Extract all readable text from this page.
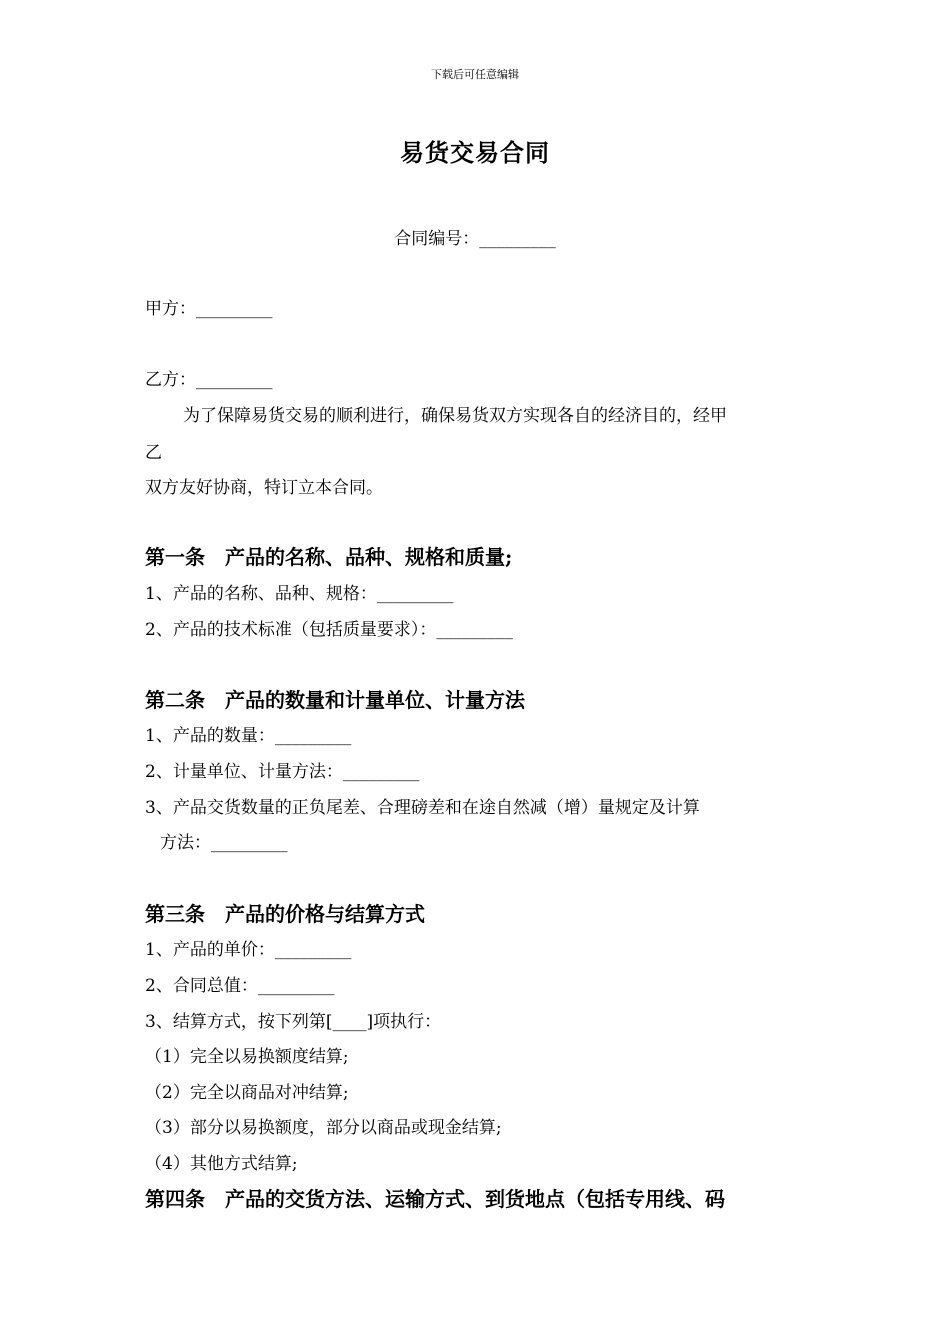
下载后可任意编辑
易货交易合同
合同编号：_________
甲方：_________
乙方：_________
为了保障易货交易的顺利进行，确保易货双方实现各自的经济目的，经甲
乙
双方友好协商，特订立本合同。
第一条　产品的名称、品种、规格和质量;
1、产品的名称、品种、规格：_________
2、产品的技术标准（包括质量要求）：_________
第二条　产品的数量和计量单位、计量方法
1、产品的数量：_________
2、计量单位、计量方法：_________
3、产品交货数量的正负尾差、合理磅差和在途自然减（增）量规定及计算
方法：_________
第三条　产品的价格与结算方式
1、产品的单价：_________
2、合同总值：_________
3、结算方式，按下列第[____]项执行：
（1）完全以易换额度结算;
（2）完全以商品对冲结算;
（3）部分以易换额度，部分以商品或现金结算;
（4）其他方式结算;
第四条　产品的交货方法、运输方式、到货地点（包括专用线、码
